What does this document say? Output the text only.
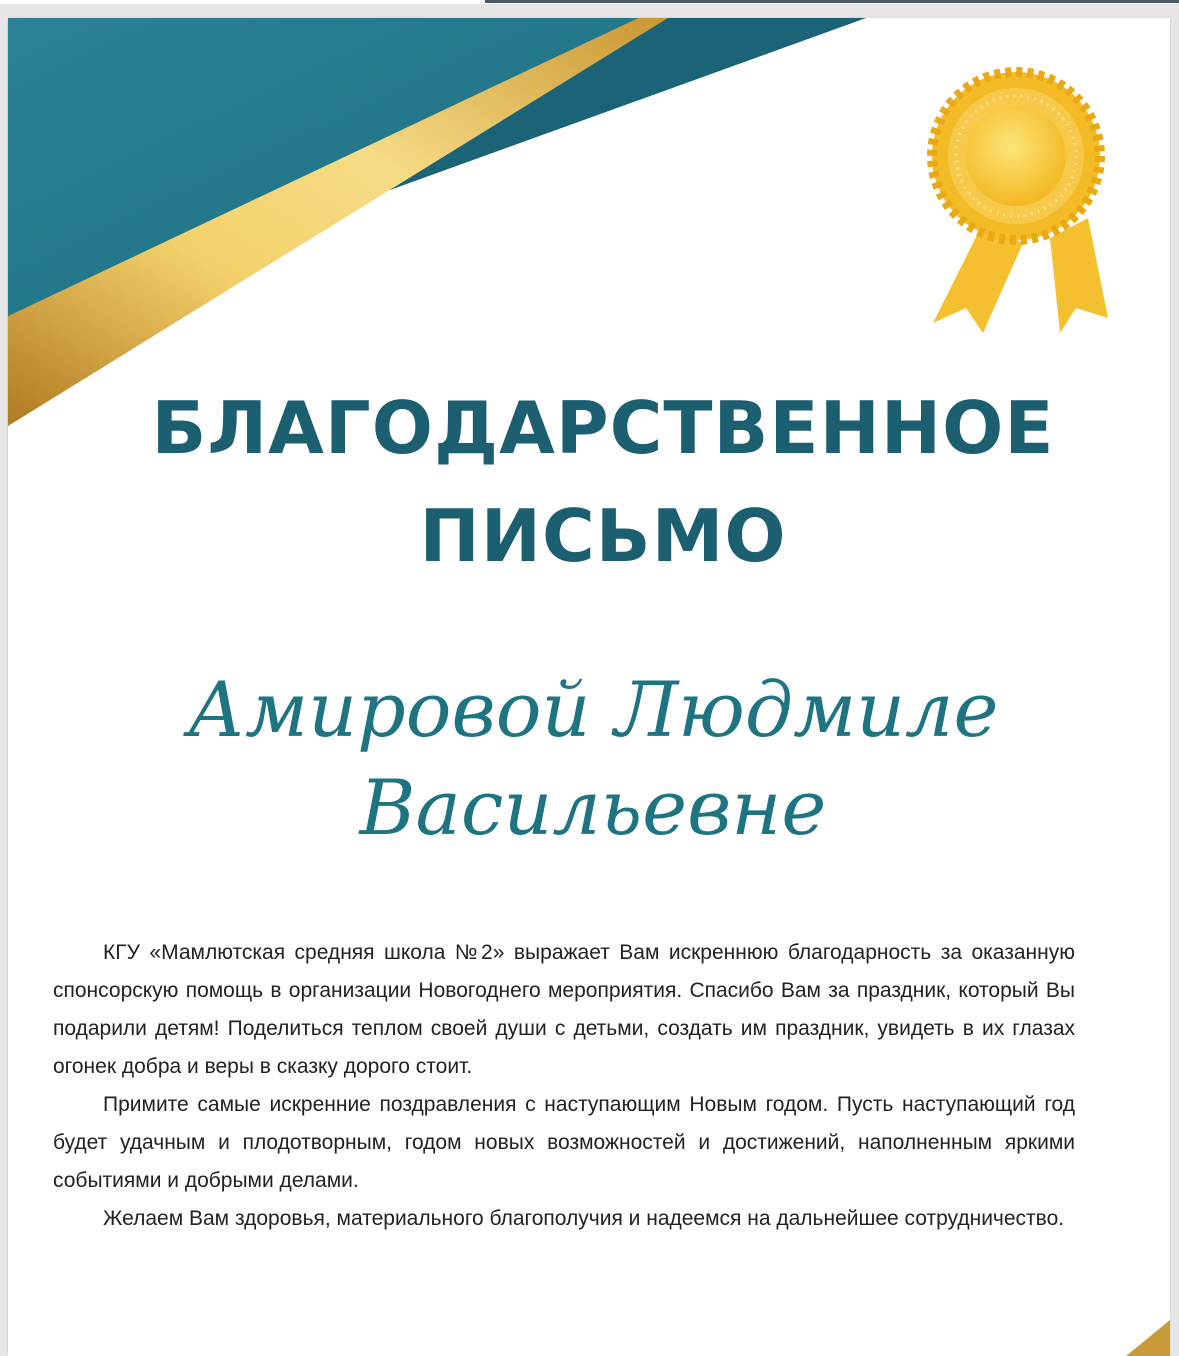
БЛАГОДАРСТВЕННОЕ
ПИСЬМО
Амировой Людмиле
Васильевне

КГУ «Мамлютская средняя школа №2» выражает Вам искреннюю благодарность за оказанную спонсорскую помощь в организации Новогоднего мероприятия. Спасибо Вам за праздник, который Вы подарили детям! Поделиться теплом своей души с детьми, создать им праздник, увидеть в их глазах огонек добра и веры в сказку дорого стоит.

Примите самые искренние поздравления с наступающим Новым годом. Пусть наступающий год будет удачным и плодотворным, годом новых возможностей и достижений, наполненным яркими событиями и добрыми делами.

Желаем Вам здоровья, материального благополучия и надеемся на дальнейшее сотрудничество.
